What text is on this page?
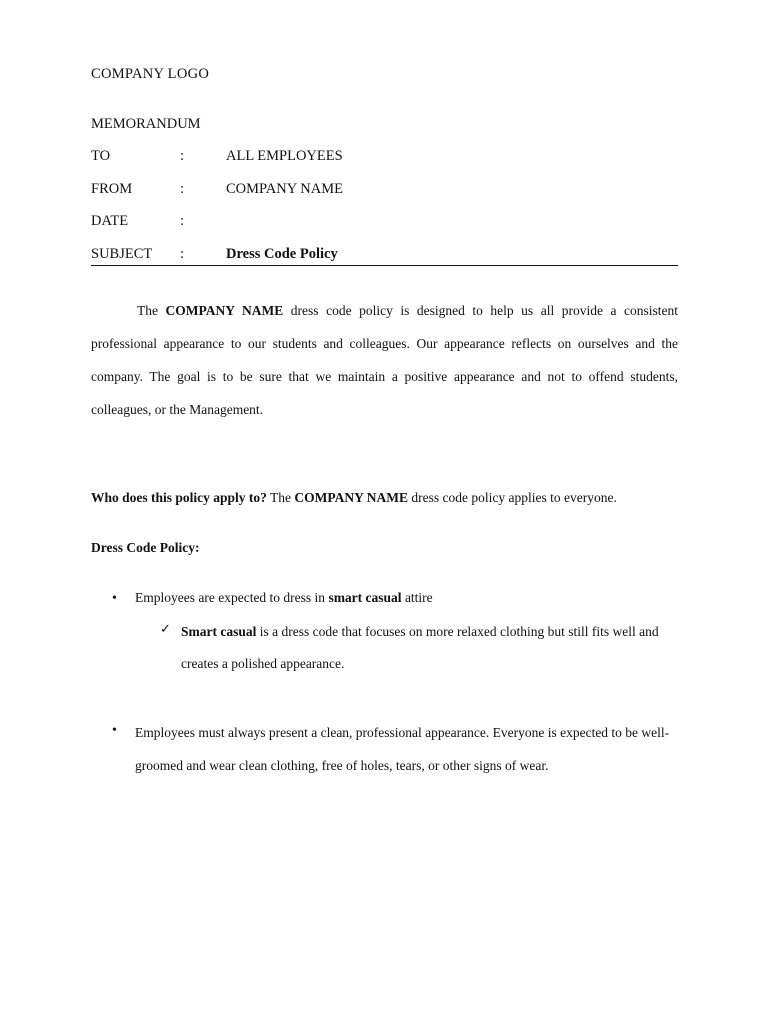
COMPANY LOGO
MEMORANDUM
TO	:	ALL EMPLOYEES
FROM	:	COMPANY NAME
DATE	:
SUBJECT :	Dress Code Policy

The COMPANY NAME dress code policy is designed to help us all provide a consistent professional appearance to our students and colleagues. Our appearance reflects on ourselves and the company. The goal is to be sure that we maintain a positive appearance and not to offend students, colleagues, or the Management.

Who does this policy apply to? The COMPANY NAME dress code policy applies to everyone.
Dress Code Policy:
• Employees are expected to dress in smart casual attire
✓ Smart casual is a dress code that focuses on more relaxed clothing but still fits well and creates a polished appearance.

• Employees must always present a clean, professional appearance. Everyone is expected to be well-groomed and wear clean clothing, free of holes, tears, or other signs of wear.
